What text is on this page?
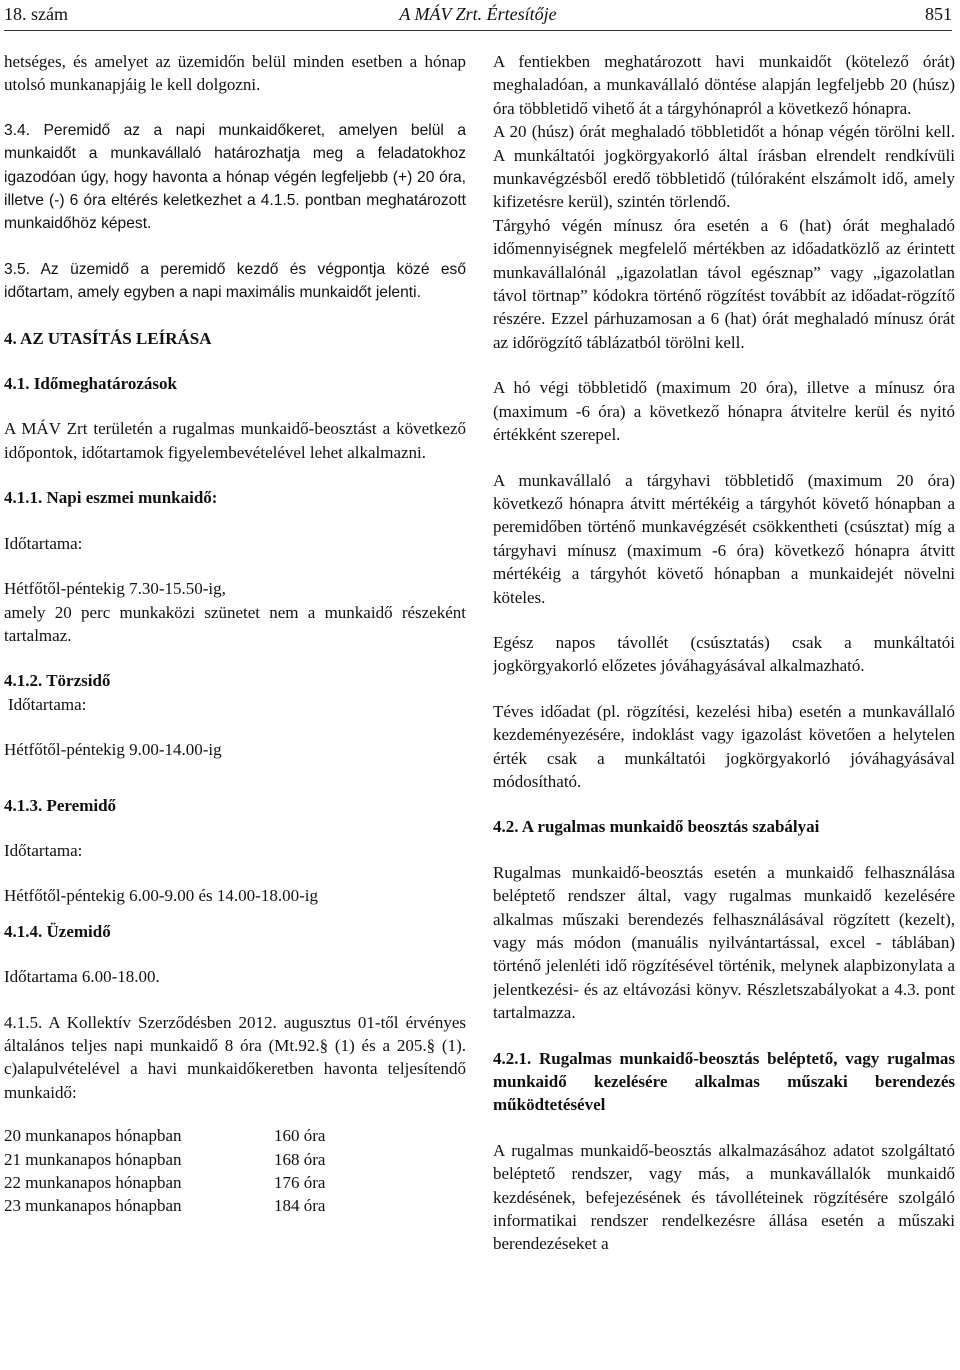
18. szám	A MÁV Zrt. Értesítője	851

hetséges, és amelyet az üzemidőn belül minden esetben a hónap utolsó munkanapjáig le kell dolgozni.

3.4. Peremidő az a napi munkaidőkeret, amelyen belül a munkaidőt a munkavállaló határozhatja meg a feladatokhoz igazodóan úgy, hogy havonta a hónap végén legfeljebb (+) 20 óra, illetve (-) 6 óra eltérés keletkezhet a 4.1.5. pontban meghatározott munkaidőhöz képest.

3.5. Az üzemidő a peremidő kezdő és végpontja közé eső időtartam, amely egyben a napi maximális munkaidőt jelenti.

4. AZ UTASÍTÁS LEÍRÁSA

4.1. Időmeghatározások

A MÁV Zrt területén a rugalmas munkaidő-beosztást a következő időpontok, időtartamok figyelembevételével lehet alkalmazni.

4.1.1. Napi eszmei munkaidő:

Időtartama:

Hétfőtől-péntekig 7.30-15.50-ig,

amely 20 perc munkaközi szünetet nem a munkaidő részeként tartalmaz.

4.1.2. Törzsidő

Időtartama:

Hétfőtől-péntekig 9.00-14.00-ig

4.1.3. Peremidő

Időtartama:

Hétfőtől-péntekig 6.00-9.00 és 14.00-18.00-ig

4.1.4. Üzemidő

Időtartama 6.00-18.00.

4.1.5. A Kollektív Szerződésben 2012. augusztus 01-től érvényes általános teljes napi munkaidő 8 óra (Mt.92.§ (1) és a 205.§ (1). c)alapulvételével a havi munkaidőkeretben havonta teljesítendő munkaidő:

20 munkanapos hónapban	160 óra
21 munkanapos hónapban	168 óra
22 munkanapos hónapban	176 óra
23 munkanapos hónapban	184 óra

A fentiekben meghatározott havi munkaidőt (kötelező órát) meghaladóan, a munkavállaló döntése alapján legfeljebb 20 (húsz) óra többletidő vihető át a tárgyhónapról a következő hónapra.

A 20 (húsz) órát meghaladó többletidőt a hónap végén törölni kell. A munkáltatói jogkörgyakorló által írásban elrendelt rendkívüli munkavégzésből eredő többletidő (túlóraként elszámolt idő, amely kifizetésre kerül), szintén törlendő.

Tárgyhó végén mínusz óra esetén a 6 (hat) órát meghaladó időmennyiségnek megfelelő mértékben az időadatközlő az érintett munkavállalónál „igazolatlan távol egésznap” vagy „igazolatlan távol törtnap” kódokra történő rögzítést továbbít az időadat-rögzítő részére. Ezzel párhuzamosan a 6 (hat) órát meghaladó mínusz órát az időrögzítő táblázatból törölni kell.

A hó végi többletidő (maximum 20 óra), illetve a mínusz óra (maximum -6 óra) a következő hónapra átvitelre kerül és nyitó értékként szerepel.

A munkavállaló a tárgyhavi többletidő (maximum 20 óra) következő hónapra átvitt mértékéig a tárgyhót követő hónapban a peremidőben történő munkavégzését csökkentheti (csúsztat) míg a tárgyhavi mínusz (maximum -6 óra) következő hónapra átvitt mértékéig a tárgyhót követő hónapban a munkaidejét növelni köteles.

Egész napos távollét (csúsztatás) csak a munkáltatói jogkörgyakorló előzetes jóváhagyásával alkalmazható.

Téves időadat (pl. rögzítési, kezelési hiba) esetén a munkavállaló kezdeményezésére, indoklást vagy igazolást követően a helytelen érték csak a munkáltatói jogkörgyakorló jóváhagyásával módosítható.

4.2. A rugalmas munkaidő beosztás szabályai

Rugalmas munkaidő-beosztás esetén a munkaidő felhasználása beléptető rendszer által, vagy rugalmas munkaidő kezelésére alkalmas műszaki berendezés felhasználásával rögzített (kezelt), vagy más módon (manuális nyilvántartással, excel - táblában) történő jelenléti idő rögzítésével történik, melynek alapbizonylata a jelentkezési- és az eltávozási könyv. Részletszabályokat a 4.3. pont tartalmazza.

4.2.1. Rugalmas munkaidő-beosztás beléptető, vagy rugalmas munkaidő kezelésére alkalmas műszaki berendezés működtetésével

A rugalmas munkaidő-beosztás alkalmazásához adatot szolgáltató beléptető rendszer, vagy más, a munkavállalók munkaidő kezdésének, befejezésének és távolléteinek rögzítésére szolgáló informatikai rendszer rendelkezésre állása esetén a műszaki berendezéseket a
